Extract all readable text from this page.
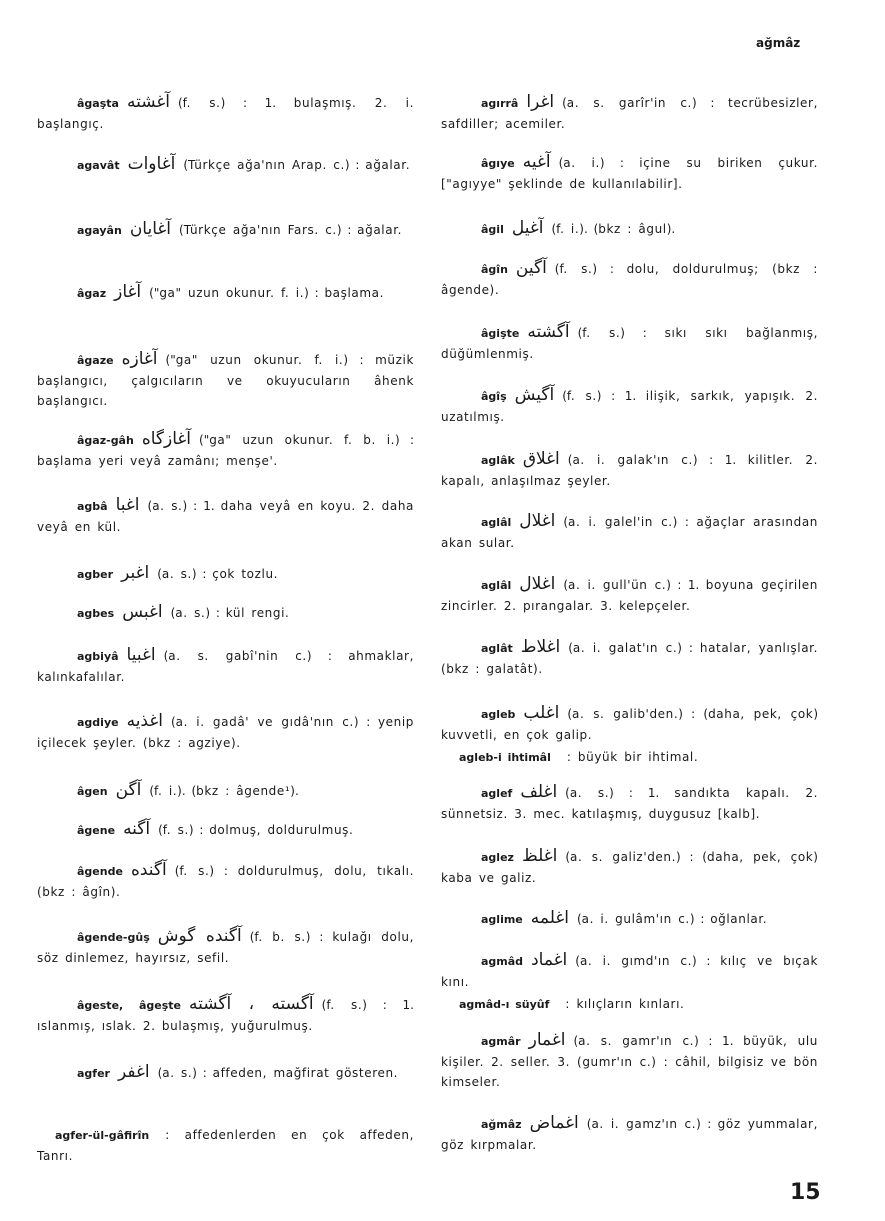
ağmâz
âgaşta آغشته (f. s.) : 1. bulaşmış. 2. i. başlangıç.
agavât آغاوات (Türkçe ağa'nın Arap. c.) : ağalar.
agayân آغايان (Türkçe ağa'nın Fars. c.) : ağalar.
âgaz آغاز ("ga" uzun okunur. f. i.) : başlama.
âgaze آغازه ("ga" uzun okunur. f. i.) : müzik başlangıcı, çalgıcıların ve okuyucuların âhenk başlangıcı.
âgaz-gâh آغازگاه ("ga" uzun okunur. f. b. i.) : başlama yeri veyâ zamânı; menşe'.
agbâ اغبا (a. s.) : 1. daha veyâ en koyu. 2. daha veyâ en kül.
agber اغبر (a. s.) : çok tozlu.
agbes اغبس (a. s.) : kül rengi.
agbiyâ اغبيا (a. s. gabî'nin c.) : ahmaklar, kalınkafalılar.
agdiye اغذيه (a. i. gadâ' ve gıdâ'nın c.) : yenip içilecek şeyler. (bkz : agziye).
âgen آگن (f. i.). (bkz : âgende¹).
âgene آگنه (f. s.) : dolmuş, doldurulmuş.
âgende آگنده (f. s.) : doldurulmuş, dolu, tıkalı. (bkz : âgîn).
âgende-gûş آگنده گوش (f. b. s.) : kulağı dolu, söz dinlemez, hayırsız, sefil.
âgeste, âgeşte آگسته ، آگشته (f. s.) : 1. ıslanmış, ıslak. 2. bulaşmış, yuğurulmuş.
agfer اغفر (a. s.) : affeden, mağfirat gösteren.
agfer-ül-gâfirîn : affedenlerden en çok affeden, Tanrı.
agırrâ اغرا (a. s. garîr'in c.) : tecrübesizler, safdiller; acemiler.
âgıye آغيه (a. i.) : içine su biriken çukur. ["agıyye" şeklinde de kullanılabilir].
âgil آغيل (f. i.). (bkz : âgul).
âgîn آگين (f. s.) : dolu, doldurulmuş; (bkz : âgende).
âgişte آگشته (f. s.) : sıkı sıkı bağlanmış, düğümlenmiş.
âgîş آگيش (f. s.) : 1. ilişik, sarkık, yapışık. 2. uzatılmış.
aglâk اغلاق (a. i. galak'ın c.) : 1. kilitler. 2. kapalı, anlaşılmaz şeyler.
aglâl اغلال (a. i. galel'in c.) : ağaçlar arasından akan sular.
aglâl اغلال (a. i. gull'ün c.) : 1. boyuna geçirilen zincirler. 2. pırangalar. 3. kelepçeler.
aglât اغلاط (a. i. galat'ın c.) : hatalar, yanlışlar. (bkz : galatât).
agleb اغلب (a. s. galib'den.) : (daha, pek, çok) kuvvetli, en çok galip.
agleb-i ihtimâl : büyük bir ihtimal.
aglef اغلف (a. s.) : 1. sandıkta kapalı. 2. sünnetsiz. 3. mec. katılaşmış, duygusuz [kalb].
aglez اغلظ (a. s. galiz'den.) : (daha, pek, çok) kaba ve galiz.
aglime اغلمه (a. i. gulâm'ın c.) : oğlanlar.
agmâd اغماد (a. i. gımd'ın c.) : kılıç ve bıçak kını.
agmâd-ı süyûf : kılıçların kınları.
agmâr اغمار (a. s. gamr'ın c.) : 1. büyük, ulu kişiler. 2. seller. 3. (gumr'ın c.) : câhil, bilgisiz ve bön kimseler.
ağmâz اغماض (a. i. gamz'ın c.) : göz yummalar, göz kırpmalar.
15
